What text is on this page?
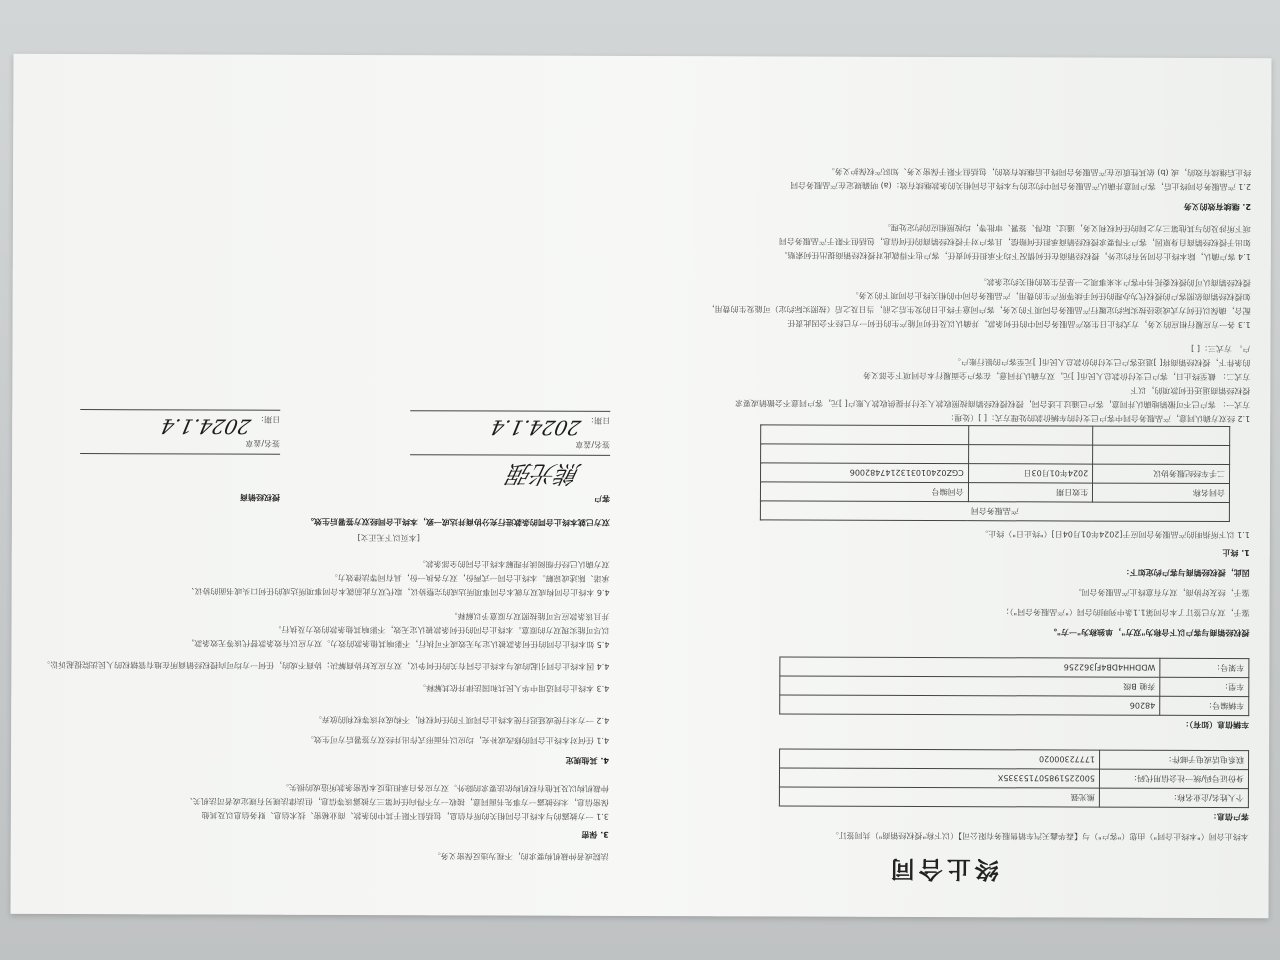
终止合同
本终止合同（"本终止合同"）由您（"客户"）与【森华鑫天汽车销售服务有限公司】（以下称"授权经销商"）共同签订。
客户信息：
个人姓名/企业名称：	熊光强
身份证号码/统一社会信用代码：	500225198507153335X
联系电话或电子邮件：	17772300020
车辆信息（如有）：
车辆编号：	48206
车型：	奔驰 B级
车架号：	WDDHH4DB4FJ362256
授权经销商与客户以下合称为"双方"，单独称为"一方"。
鉴于，双方已签订了本合同第1.1条中列明的合同（"产品服务合同"）；
鉴于，经友好协商，双方有意终止产品服务合同。
因此，授权经销商与客户约定如下：
1. 终止
1.1 以下所指明的产品服务合同应于[2024年01月04日]（"终止日"）终止。
产品服务合同		
合同名称	生效日期	合同编号
二手车经纪服务协议	2024年01月03日	CGZ0240103132147482006

1.2 经双方确认同意，产品服务合同中客户已支付的车辆价款的处理方式：[ ]（处理：
方式一： 客户已不可撤销地确认并同意，客户已通过上述合同，授权授权经销商按照收款人支付并提供收款人账户[ ]元，客户同意不会撤销或要求
授权经销商退还任何款项的，以下
方式二： 截至终止日，客户已支付价款总人民币[ ]元，双方确认并同意，在客户全面履行本合同项下全部义务
的条件下，授权经销商将[ ]退还客户已支付的价款总人民币[ ]元至客户的银行账户。
户。 方式三：[ ]
1.3 各一方应履行相应的义务，方式终止日生效产品服务合同中的任何条款，并确认以及任何可能产生的任何一方已经不会因此责任
配合，确保以任何方式或途径按实际约定履行产品服务合同项下的义务，客户同意于终止日的发生后之前，当日及之后（按照实际约定）可能发生的费用，
如授权经销商依照客户的授权代为办理的任何手续等所产生的费用，产品服务合同中的相关终止合同项下的义务。
授权经销商认可的授权委托书中客户未来事项之一是否生效的相关约定条款。
1.4 客户确认，除本终止合同另有约定外，授权经销商在任何情况下均不承担任何责任，客户也不得就此对授权经销商提出任何索赔。
如出于授权经销商自身原因，客户不得要求授权经销商承担任何赔偿，且客户对于授权经销商的任何信息，包括但不限于产品服务合同
项下所涉及的与其他第三方之间的任何权利义务，通过、取得、签署、审批等，均按照相应的约定处理。
2. 继续有效的义务
2.1 产品服务合同终止后，客户同意并确认产品服务合同中约定的与本终止合同相关的条款继续有效：(a) 明确规定在产品服务合同
终止后继续有效的，或 (b) 依其性质应在产品服务合同终止后继续有效的，包括但不限于保密义务、知识产权保护义务。
法院或者仲裁机构要求的，不视为违反保密义务。
3. 保密
3.1 一方披露的与本终止合同相关的所有信息，包括但不限于其中的条款、商业秘密、技术信息、财务信息以及其他
保密信息，未经披露一方事先书面同意，接收一方不得向任何第三方披露该等信息，但法律法规另有规定或者司法机关、
仲裁机构以及其他有权机构依法要求的除外。双方应各自承担违反本保密条款所造成的损失。
4. 其他规定
4.1 任何对本终止合同的修改或补充，均应以书面形式作出并经双方签署后方可生效。
4.2 一方未行使或延迟行使本终止合同项下的任何权利，不构成对该等权利的放弃。
4.3 本终止合同适用中华人民共和国法律并依其解释。
4.4 因本终止合同引起的或与本终止合同有关的任何争议，双方应友好协商解决；协商不成的，任何一方均可向授权经销商所在地有管辖权的人民法院提起诉讼。
4.5 如本终止合同的任何条款被认定为无效或不可执行，不影响其他条款的效力。双方应以有效条款替代该等无效条款，
以尽可能实现双方的原意。本终止合同的任何条款被认定无效，不影响其他条款的效力及执行。
并且该条款应尽可能按照双方原意予以解释。
4.6 本终止合同构成双方就本合同事项所达成的完整协议，取代双方此前就本合同事项所达成的任何口头或书面的协议、
承诺、陈述或谅解。本终止合同一式两份，双方各执一份，具有同等法律效力。
双方确认已经仔细阅读并理解本终止合同的全部条款。
[本页以下无正文]
双方已就本终止合同的条款进行充分协商并达成一致，本终止合同经双方签署后生效。
客户
熊光强
签名/盖章
日期：
2024.1.4
授权经销商
签名/盖章
日期：
2024.1.4
